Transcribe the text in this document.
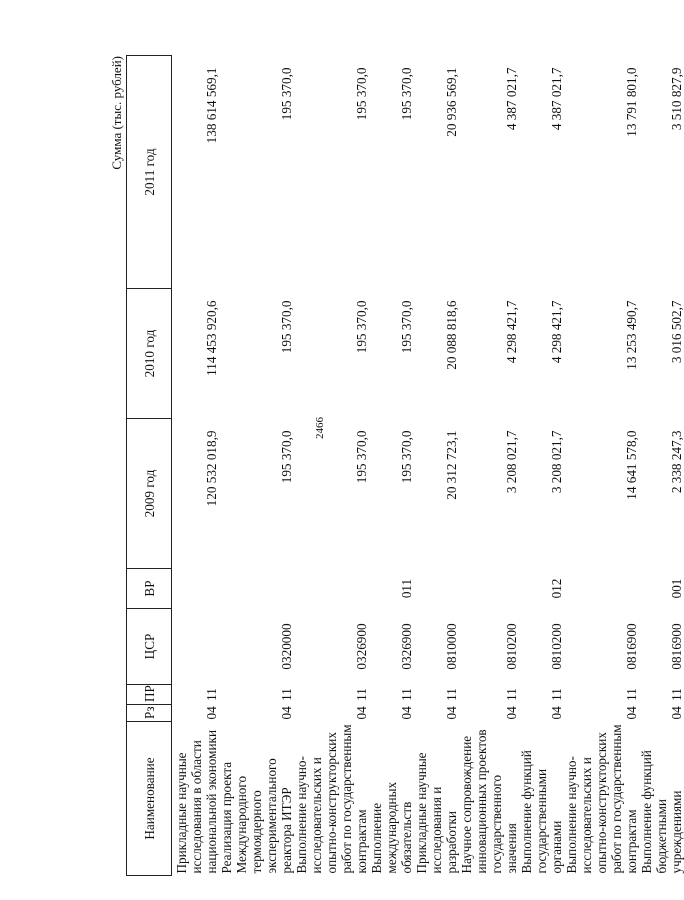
2466
Сумма (тыс. рублей)
Наименование	Рз	ПР	ЦСР	ВР	2009 год	2010 год	2011 год
Прикладные научные исследования в области национальной экономики	04	11			120 532 018,9	114 453 920,6	138 614 569,1
Реализация проекта Международного термоядерного экспериментального реактора ИТЭР	04	11	0320000		195 370,0	195 370,0	195 370,0
Выполнение научно-исследовательских и опытно-конструкторских работ по государственным контрактам	04	11	0326900		195 370,0	195 370,0	195 370,0
Выполнение международных обязательств	04	11	0326900	011	195 370,0	195 370,0	195 370,0
Прикладные научные исследования и разработки	04	11	0810000		20 312 723,1	20 088 818,6	20 936 569,1
Научное сопровождение инновационных проектов государственного значения	04	11	0810200		3 208 021,7	4 298 421,7	4 387 021,7
Выполнение функций государственными органами	04	11	0810200	012	3 208 021,7	4 298 421,7	4 387 021,7
Выполнение научно-исследовательских и опытно-конструкторских работ по государственным контрактам	04	11	0816900		14 641 578,0	13 253 490,7	13 791 801,0
Выполнение функций бюджетными учреждениями	04	11	0816900	001	2 338 247,3	3 016 502,7	3 510 827,9
